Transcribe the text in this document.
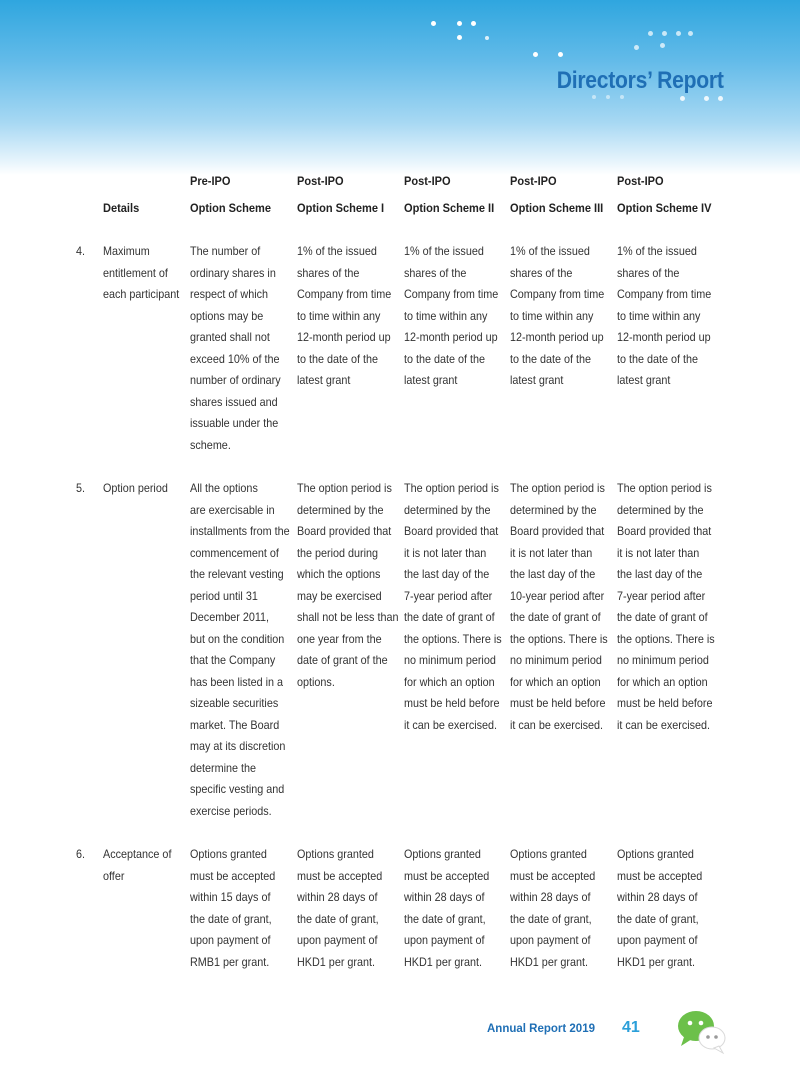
Directors’ Report
Details
Pre-IPO
Option Scheme
Post-IPO
Option Scheme I
Post-IPO
Option Scheme II
Post-IPO
Option Scheme III
Post-IPO
Option Scheme IV
4. Maximum
entitlement of
each participant
The number of
ordinary shares in
respect of which
options may be
granted shall not
exceed 10% of the
number of ordinary
shares issued and
issuable under the
scheme.
1% of the issued
shares of the
Company from time
to time within any
12-month period up
to the date of the
latest grant
1% of the issued
shares of the
Company from time
to time within any
12-month period up
to the date of the
latest grant
1% of the issued
shares of the
Company from time
to time within any
12-month period up
to the date of the
latest grant
1% of the issued
shares of the
Company from time
to time within any
12-month period up
to the date of the
latest grant
5. Option period All the options
are exercisable in
installments from the
commencement of
the relevant vesting
period until 31
December 2011,
but on the condition
that the Company
has been listed in a
sizeable securities
market. The Board
may at its discretion
determine the
specific vesting and
exercise periods.
The option period is
determined by the
Board provided that
the period during
which the options
may be exercised
shall not be less than
one year from the
date of grant of the
options.
The option period is
determined by the
Board provided that
it is not later than
the last day of the
7-year period after
the date of grant of
the options. There is
no minimum period
for which an option
must be held before
it can be exercised.
The option period is
determined by the
Board provided that
it is not later than
the last day of the
10-year period after
the date of grant of
the options. There is
no minimum period
for which an option
must be held before
it can be exercised.
The option period is
determined by the
Board provided that
it is not later than
the last day of the
7-year period after
the date of grant of
the options. There is
no minimum period
for which an option
must be held before
it can be exercised.
6. Acceptance of
offer
Options granted
must be accepted
within 15 days of
the date of grant,
upon payment of
RMB1 per grant.
Options granted
must be accepted
within 28 days of
the date of grant,
upon payment of
HKD1 per grant.
Options granted
must be accepted
within 28 days of
the date of grant,
upon payment of
HKD1 per grant.
Options granted
must be accepted
within 28 days of
the date of grant,
upon payment of
HKD1 per grant.
Options granted
must be accepted
within 28 days of
the date of grant,
upon payment of
HKD1 per grant.
Annual Report 2019 41
